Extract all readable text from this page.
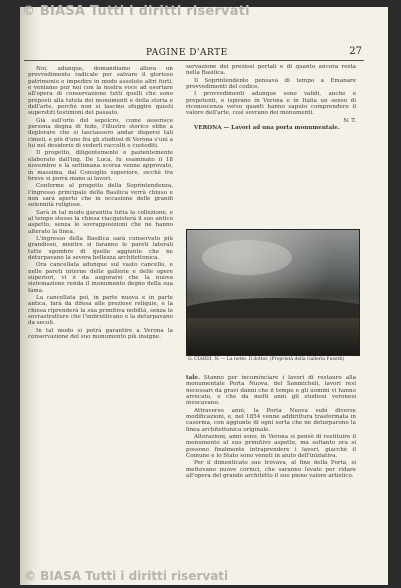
© BIASA Tutti i diritti riservati
PAGINE D'ARTE	27

Noi, adunque, domandiamo allora un provvedimento radicale per salvare il glorioso patrimonio e impedire in modo assoluto altri furti, e veniamo pur noi con la nostra voce ad esortare all'opera di conservazione tutti quelli che sono preposti alla tutela dei monumenti e della storia e dell'arte, perchè non si lascino sfuggire questi superstiti testimoni del passato.

Già sull'orlo del sepolcro, come asserisce persona degna di fede, l'illustre storico ebbe a deplorare che si lasciassero andar dispersi tali cimeli, e più d'uno fra gli studiosi di Verona s'unì a lui nel desiderio di vederli raccolti e custoditi.

Il progetto, diligentemente e pazientemente elaborato dall'ing. De Luca, fu esaminato il 18 novembre e la settimana scorsa venne approvato, in massima, dal Consiglio superiore, sicchè fra breve si porrà mano ai lavori.

Conforme al progetto della Soprintendenza, l'ingresso principale della Basilica verrà chiuso e non sarà aperto che in occasione delle grandi solennità religiose.

Sarà in tal modo garantita tutta la collezione, e al tempo stesso la chiesa riacquisterà il suo antico aspetto, senza le sovrapposizioni che ne hanno alterato la linea.

L'ingresso della Basilica sarà conservato più grandioso, mentre si faranno le pareti laterali tutte sgombre di quelle aggiunte che ne deturpavano la severa bellezza architettonica.

Ora cancellata adunque sul vasto cancello, e nelle pareti interne delle gallerie e delle opere superiori, vi è da augurarsi che la nuova sistemazione renda il monumento degno della sua fama.

La cancellata poi, in parte nuova e in parte antica, farà da difesa alle preziose reliquie, e la chiesa riprenderà la sua primitiva nobiltà, senza le sovrastrutture che l'imbruttivano e la deturpavano da secoli.

In tal modo si potrà garantire a Verona la conservazione del suo monumento più insigne.

servazione dei preziosi portali e di quanto ancora resta nella Basilica.

Il Soprintendente pensava di tempo a Emanare provvedimenti del codice.

I provvedimenti adunque sono validi, anche e prepotenti, e ispirano in Verona e in Italia un senso di riconoscenza verso quanti hanno saputo comprendere il valore dell'arte, così sovrano dei monumenti.

N. T.

VERONA — Lavori ad una porta monumentale.

G. CIARDI, N. — La notte. Il dottor. (Proprietà della Galleria Fusetti)

tale. Stanno per incominciare i lavori di restauro alla monumentale Porta Nuova, del Sanmicheli, lavori resi necessari da gravi danni che il tempo e gli uomini vi hanno arrecato, e che da molti anni gli studiosi veronesi invocavano.

Attraverso anni, la Porta Nuova subì diverse modificazioni, e, nel 1854 venne addirittura trasformata in caserma, con aggiunte di ogni sorta che ne deturparono la linea architettonica originale.

Alterazioni, anni sono, in Verona si pensò di restituire il monumento al suo primitivo aspetto, ma soltanto ora si possono finalmente intraprendere i lavori, giacchè il Comune e lo Stato sono venuti in aiuto dell'iniziativa.

Per il dimenticato sue trovava, al fine della Porta, si mettevano nuove cornici, che saranno levate per ridare all'opera del grande architetto il suo pieno valore artistico.

© BIASA Tutti i diritti riservati
